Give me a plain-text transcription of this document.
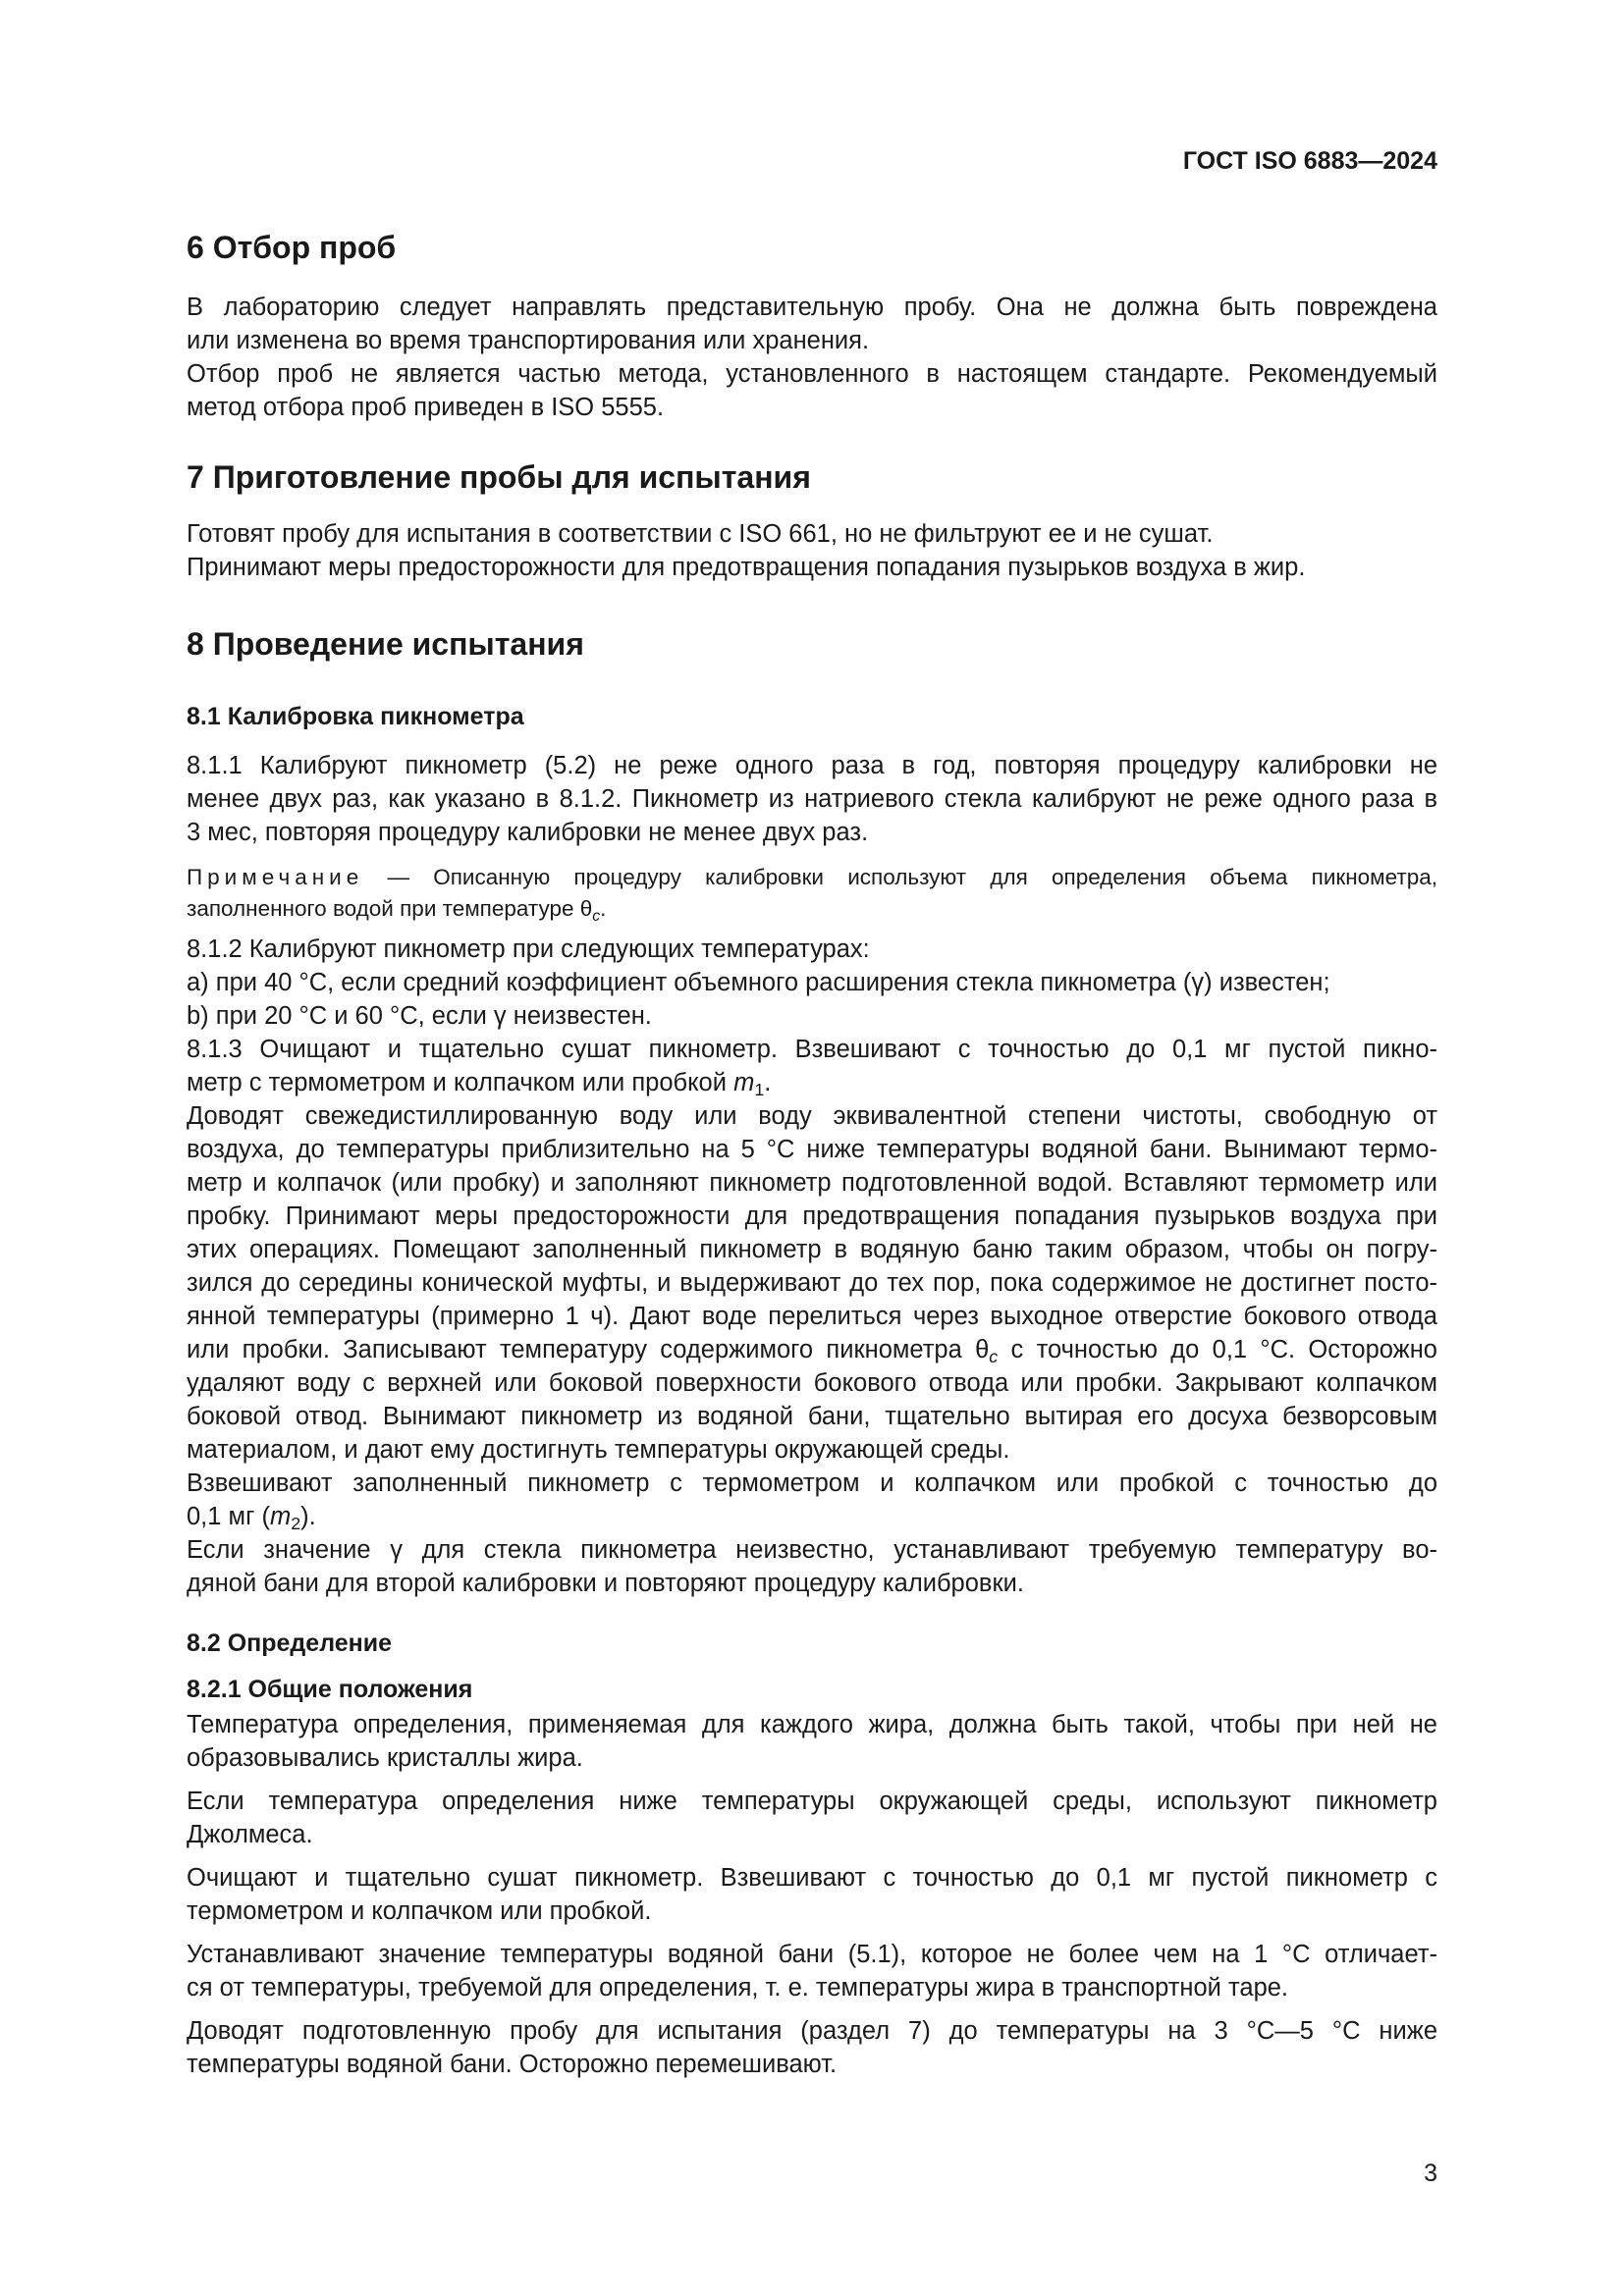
ГОСТ ISO 6883—2024
6 Отбор проб
В лабораторию следует направлять представительную пробу. Она не должна быть повреждена
или изменена во время транспортирования или хранения.
Отбор проб не является частью метода, установленного в настоящем стандарте. Рекомендуемый
метод отбора проб приведен в ISO 5555.
7 Приготовление пробы для испытания
Готовят пробу для испытания в соответствии с ISO 661, но не фильтруют ее и не сушат.
Принимают меры предосторожности для предотвращения попадания пузырьков воздуха в жир.
8 Проведение испытания
8.1 Калибровка пикнометра
8.1.1 Калибруют пикнометр (5.2) не реже одного раза в год, повторяя процедуру калибровки не
менее двух раз, как указано в 8.1.2. Пикнометр из натриевого стекла калибруют не реже одного раза в
3 мес, повторяя процедуру калибровки не менее двух раз.
Примечание — Описанную процедуру калибровки используют для определения объема пикнометра,
заполненного водой при температуре $\theta_c$.
8.1.2 Калибруют пикнометр при следующих температурах:
a) при 40 °C, если средний коэффициент объемного расширения стекла пикнометра (γ) известен;
b) при 20 °C и 60 °C, если γ неизвестен.
8.1.3 Очищают и тщательно сушат пикнометр. Взвешивают с точностью до 0,1 мг пустой пикно-
метр с термометром и колпачком или пробкой $m_1$.
Доводят свежедистиллированную воду или воду эквивалентной степени чистоты, свободную от
воздуха, до температуры приблизительно на 5 °C ниже температуры водяной бани. Вынимают термо-
метр и колпачок (или пробку) и заполняют пикнометр подготовленной водой. Вставляют термометр или
пробку. Принимают меры предосторожности для предотвращения попадания пузырьков воздуха при
этих операциях. Помещают заполненный пикнометр в водяную баню таким образом, чтобы он погру-
зился до середины конической муфты, и выдерживают до тех пор, пока содержимое не достигнет посто-
янной температуры (примерно 1 ч). Дают воде перелиться через выходное отверстие бокового отвода
или пробки. Записывают температуру содержимого пикнометра $\theta_c$ с точностью до 0,1 °C. Осторожно
удаляют воду с верхней или боковой поверхности бокового отвода или пробки. Закрывают колпачком
боковой отвод. Вынимают пикнометр из водяной бани, тщательно вытирая его досуха безворсовым
материалом, и дают ему достигнуть температуры окружающей среды.
Взвешивают заполненный пикнометр с термометром и колпачком или пробкой с точностью до
0,1 мг $(m_2)$.
Если значение γ для стекла пикнометра неизвестно, устанавливают требуемую температуру во-
дяной бани для второй калибровки и повторяют процедуру калибровки.
8.2 Определение
8.2.1 Общие положения
Температура определения, применяемая для каждого жира, должна быть такой, чтобы при ней не
образовывались кристаллы жира.
Если температура определения ниже температуры окружающей среды, используют пикнометр
Джолмеса.
Очищают и тщательно сушат пикнометр. Взвешивают с точностью до 0,1 мг пустой пикнометр с
термометром и колпачком или пробкой.
Устанавливают значение температуры водяной бани (5.1), которое не более чем на 1 °C отличает-
ся от температуры, требуемой для определения, т. е. температуры жира в транспортной таре.
Доводят подготовленную пробу для испытания (раздел 7) до температуры на 3 °C—5 °C ниже
температуры водяной бани. Осторожно перемешивают.
3
